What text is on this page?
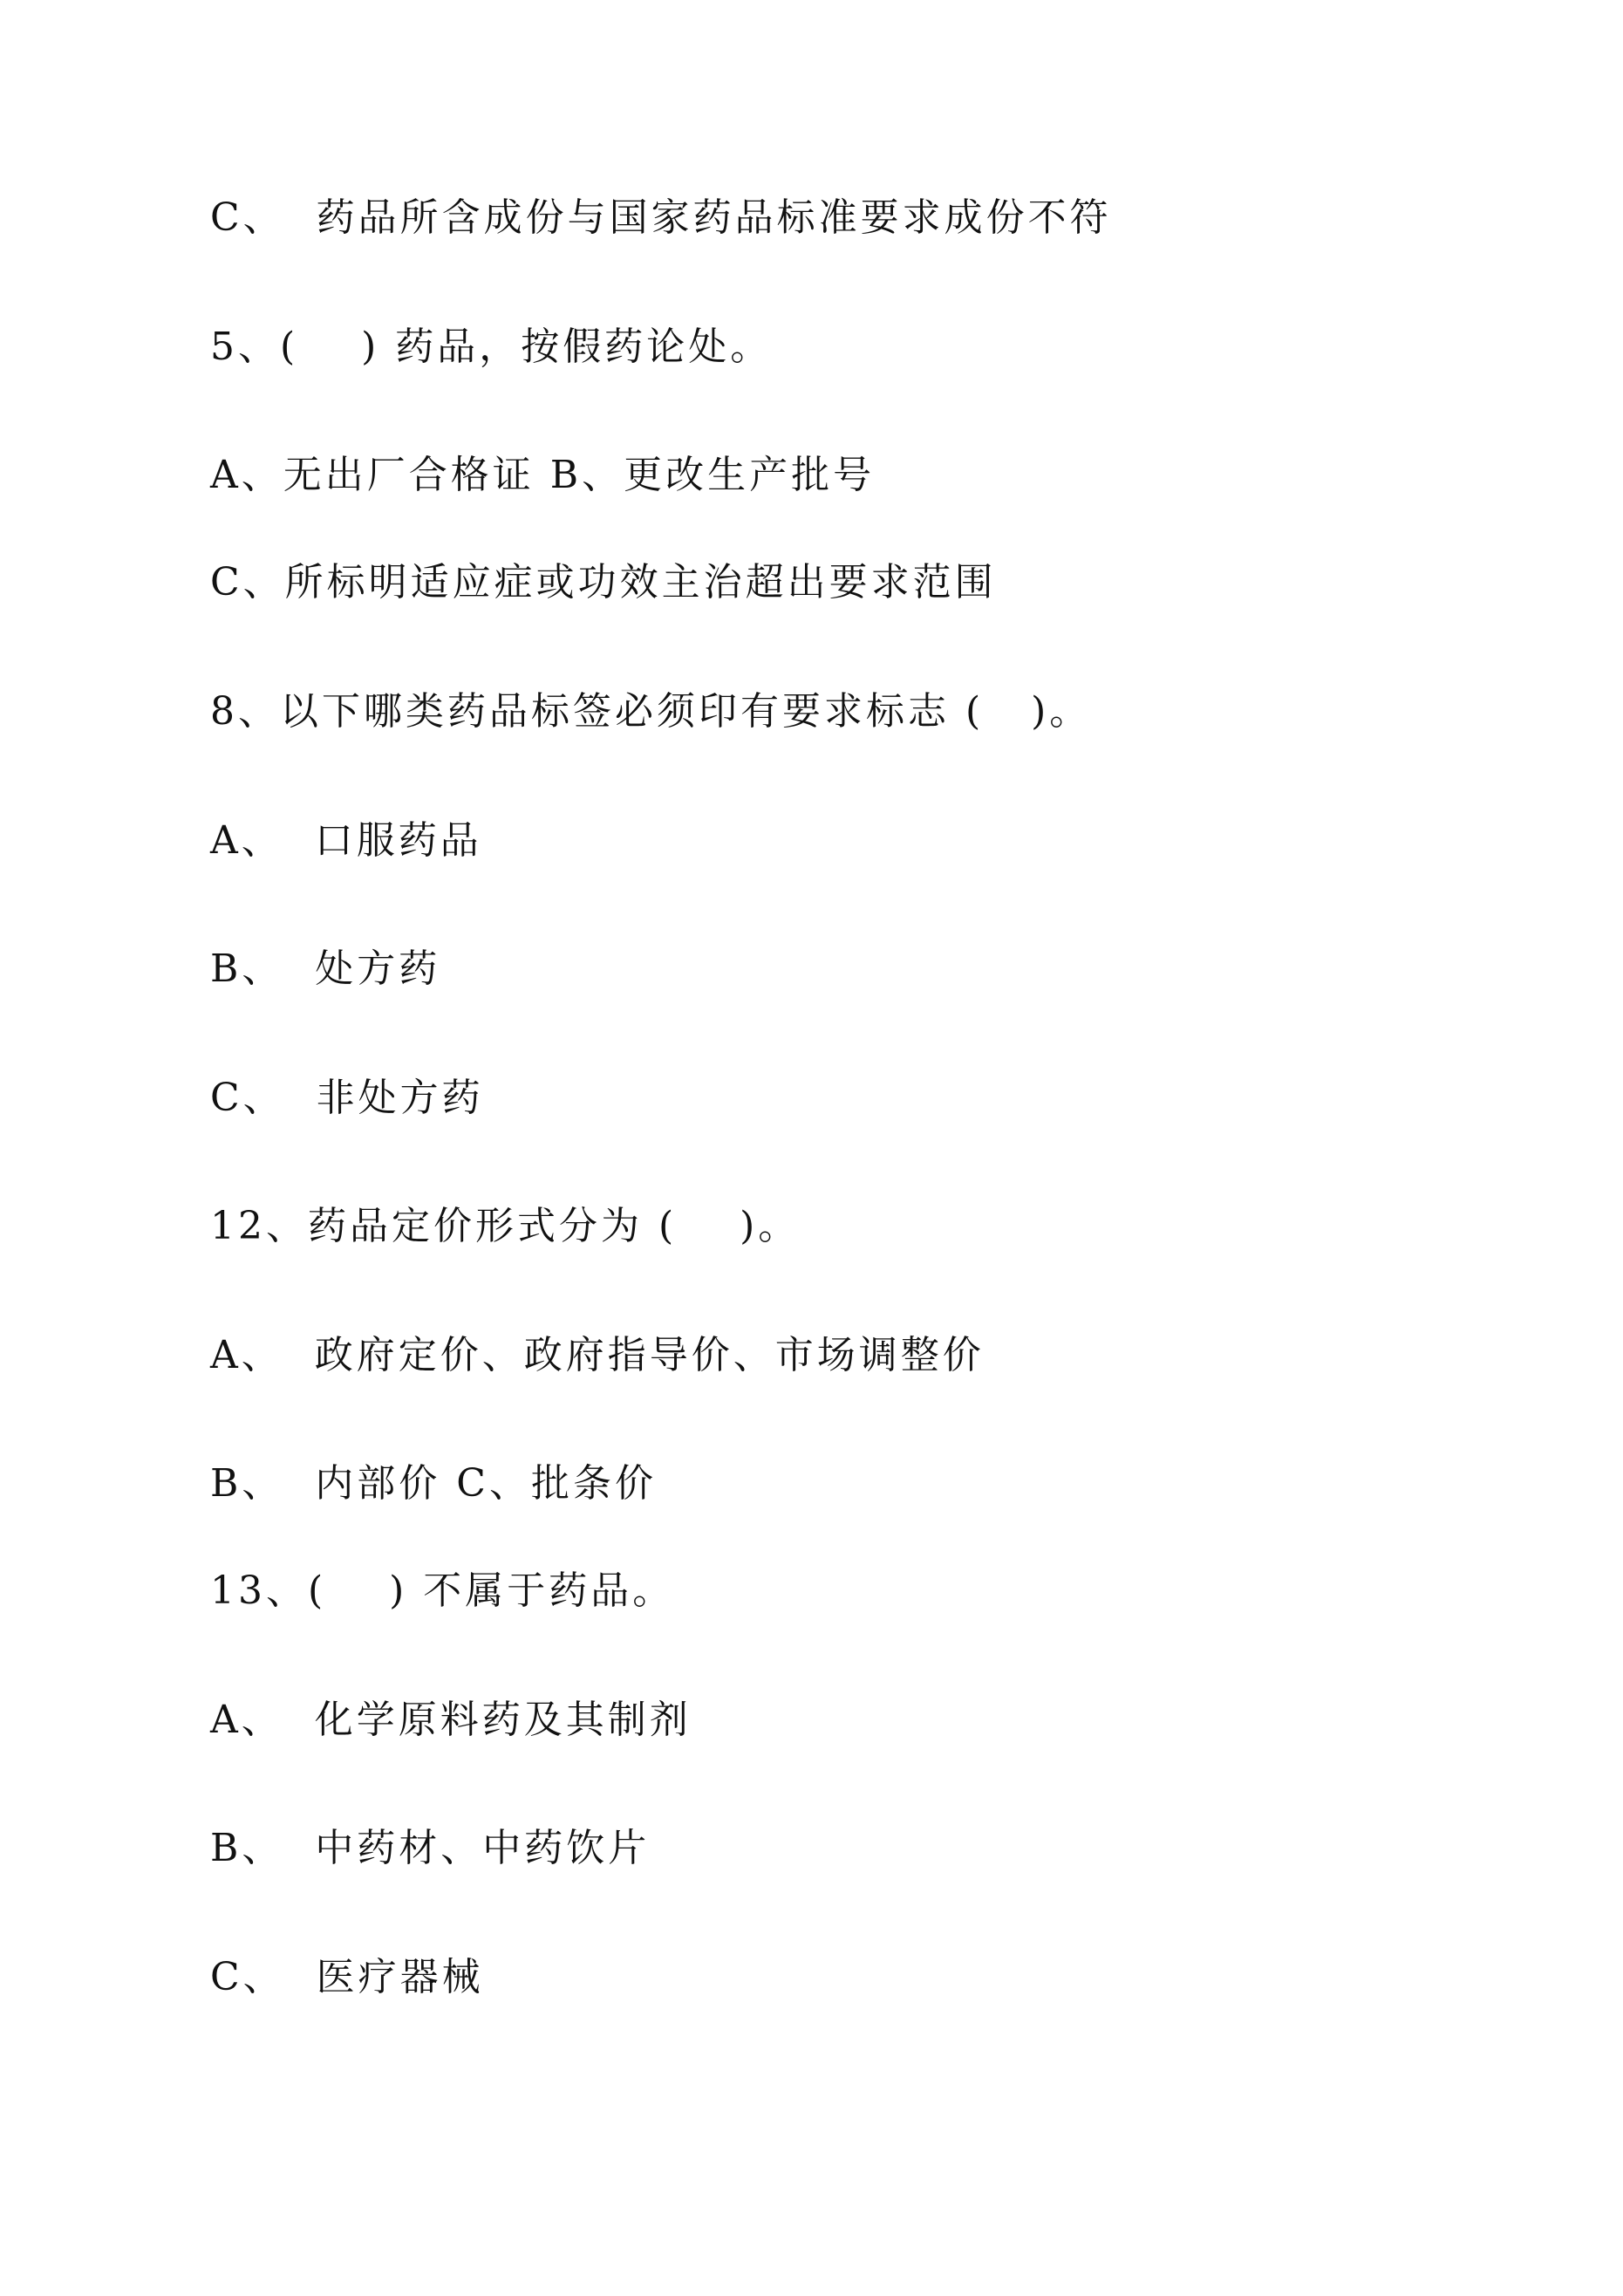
C、  药品所含成份与国家药品标准要求成份不符
5、(    ) 药品，按假药论处。
A、无出厂合格证 B、更改生产批号
C、所标明适应症或功效主治超出要求范围
8、以下哪类药品标签必须印有要求标志 (   )。
A、  口服药品
B、  处方药
C、  非处方药
12、药品定价形式分为 (    )。
A、  政府定价、政府指导价、市场调整价
B、  内部价 C、批条价
13、(    ) 不属于药品。
A、  化学原料药及其制剂
B、  中药材、中药饮片
C、  医疗器械
